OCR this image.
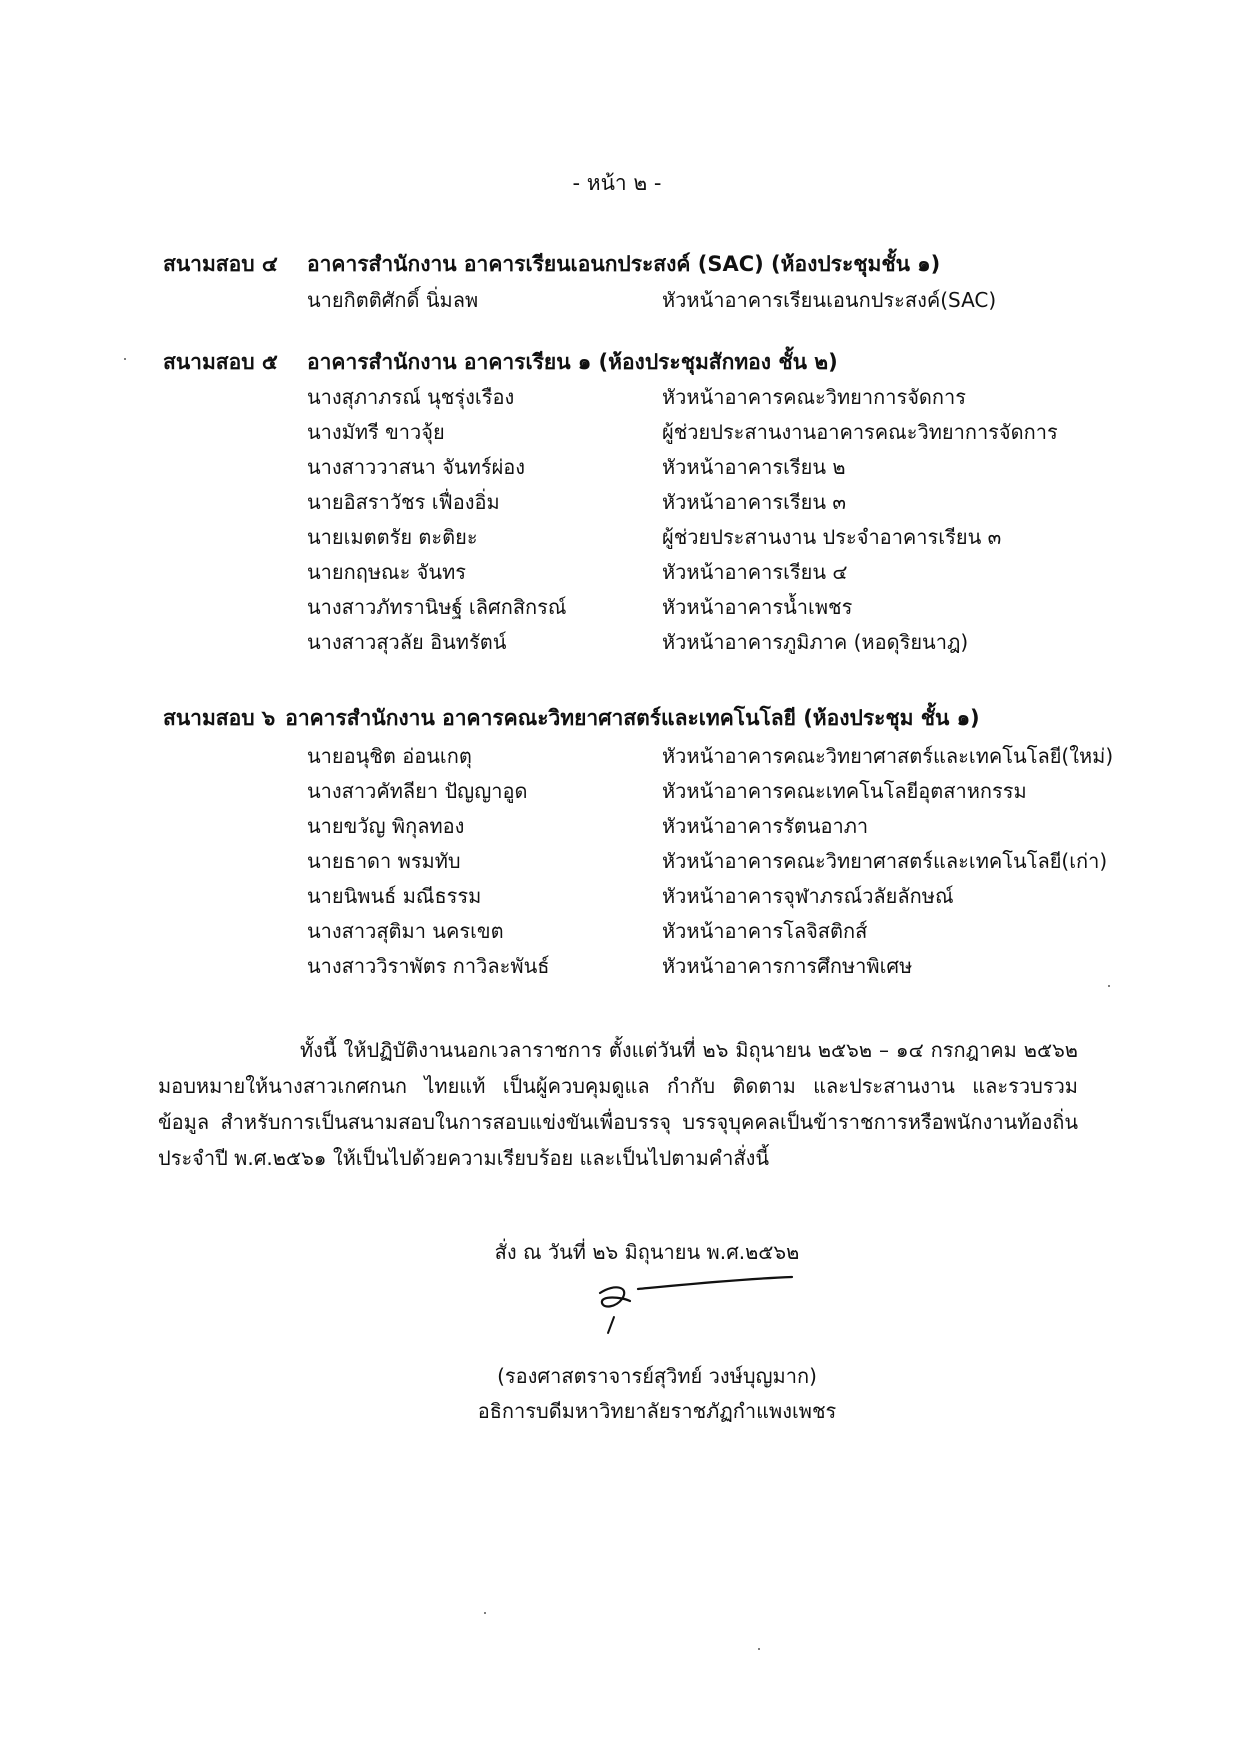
- หน้า ๒ -
สนามสอบ ๔ อาคารสำนักงาน อาคารเรียนเอนกประสงค์ (SAC) (ห้องประชุมชั้น ๑)
นายกิตติศักดิ์ นิ่มลพ	หัวหน้าอาคารเรียนเอนกประสงค์(SAC)
สนามสอบ ๕ อาคารสำนักงาน อาคารเรียน ๑ (ห้องประชุมสักทอง ชั้น ๒)
นางสุภาภรณ์ นุชรุ่งเรือง	หัวหน้าอาคารคณะวิทยาการจัดการ
นางมัทรี ขาวจุ้ย	ผู้ช่วยประสานงานอาคารคณะวิทยาการจัดการ
นางสาววาสนา จันทร์ผ่อง	หัวหน้าอาคารเรียน ๒
นายอิสราวัชร เฟื่องอิ่ม	หัวหน้าอาคารเรียน ๓
นายเมตตรัย ตะติยะ	ผู้ช่วยประสานงาน ประจำอาคารเรียน ๓
นายกฤษณะ จันทร	หัวหน้าอาคารเรียน ๔
นางสาวภัทรานิษฐ์ เลิศกสิกรณ์	หัวหน้าอาคารน้ำเพชร
นางสาวสุวลัย อินทรัตน์	หัวหน้าอาคารภูมิภาค (หอดุริยนาฎ)
สนามสอบ ๖ อาคารสำนักงาน อาคารคณะวิทยาศาสตร์และเทคโนโลยี (ห้องประชุม ชั้น ๑)
นายอนุชิต อ่อนเกตุ	หัวหน้าอาคารคณะวิทยาศาสตร์และเทคโนโลยี(ใหม่)
นางสาวคัทลียา ปัญญาอูด	หัวหน้าอาคารคณะเทคโนโลยีอุตสาหกรรม
นายขวัญ พิกุลทอง	หัวหน้าอาคารรัตนอาภา
นายธาดา พรมทับ	หัวหน้าอาคารคณะวิทยาศาสตร์และเทคโนโลยี(เก่า)
นายนิพนธ์ มณีธรรม	หัวหน้าอาคารจุฬาภรณ์วลัยลักษณ์
นางสาวสุติมา นครเขต	หัวหน้าอาคารโลจิสติกส์
นางสาววิราพัตร กาวิละพันธ์	หัวหน้าอาคารการศึกษาพิเศษ
ทั้งนี้ ให้ปฏิบัติงานนอกเวลาราชการ ตั้งแต่วันที่ ๒๖ มิถุนายน ๒๕๖๒ – ๑๔ กรกฎาคม ๒๕๖๒
มอบหมายให้นางสาวเกศกนก ไทยแท้ เป็นผู้ควบคุมดูแล กำกับ ติดตาม และประสานงาน และรวบรวม
ข้อมูล สำหรับการเป็นสนามสอบในการสอบแข่งขันเพื่อบรรจุ บรรจุบุคคลเป็นข้าราชการหรือพนักงานท้องถิ่น
ประจำปี พ.ศ.๒๕๖๑ ให้เป็นไปด้วยความเรียบร้อย และเป็นไปตามคำสั่งนี้
สั่ง ณ วันที่ ๒๖ มิถุนายน พ.ศ.๒๕๖๒
(รองศาสตราจารย์สุวิทย์ วงษ์บุญมาก)
อธิการบดีมหาวิทยาลัยราชภัฏกำแพงเพชร
